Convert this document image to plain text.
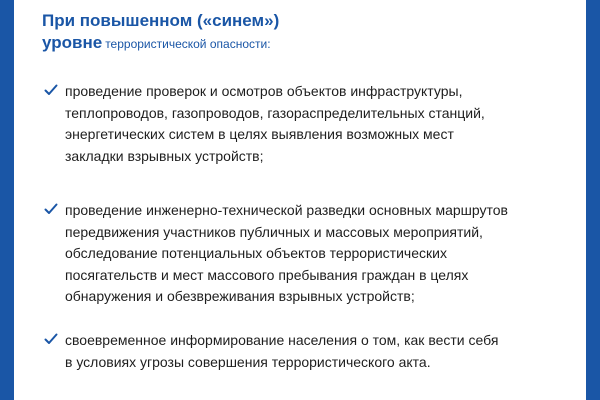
При повышенном («синем»)
уровне террористической опасности:
проведение проверок и осмотров объектов инфраструктуры,
теплопроводов, газопроводов, газораспределительных станций,
энергетических систем в целях выявления возможных мест
закладки взрывных устройств;
проведение инженерно-технической разведки основных маршрутов
передвижения участников публичных и массовых мероприятий,
обследование потенциальных объектов террористических
посягательств и мест массового пребывания граждан в целях
обнаружения и обезвреживания взрывных устройств;
своевременное информирование населения о том, как вести себя
в условиях угрозы совершения террористического акта.
